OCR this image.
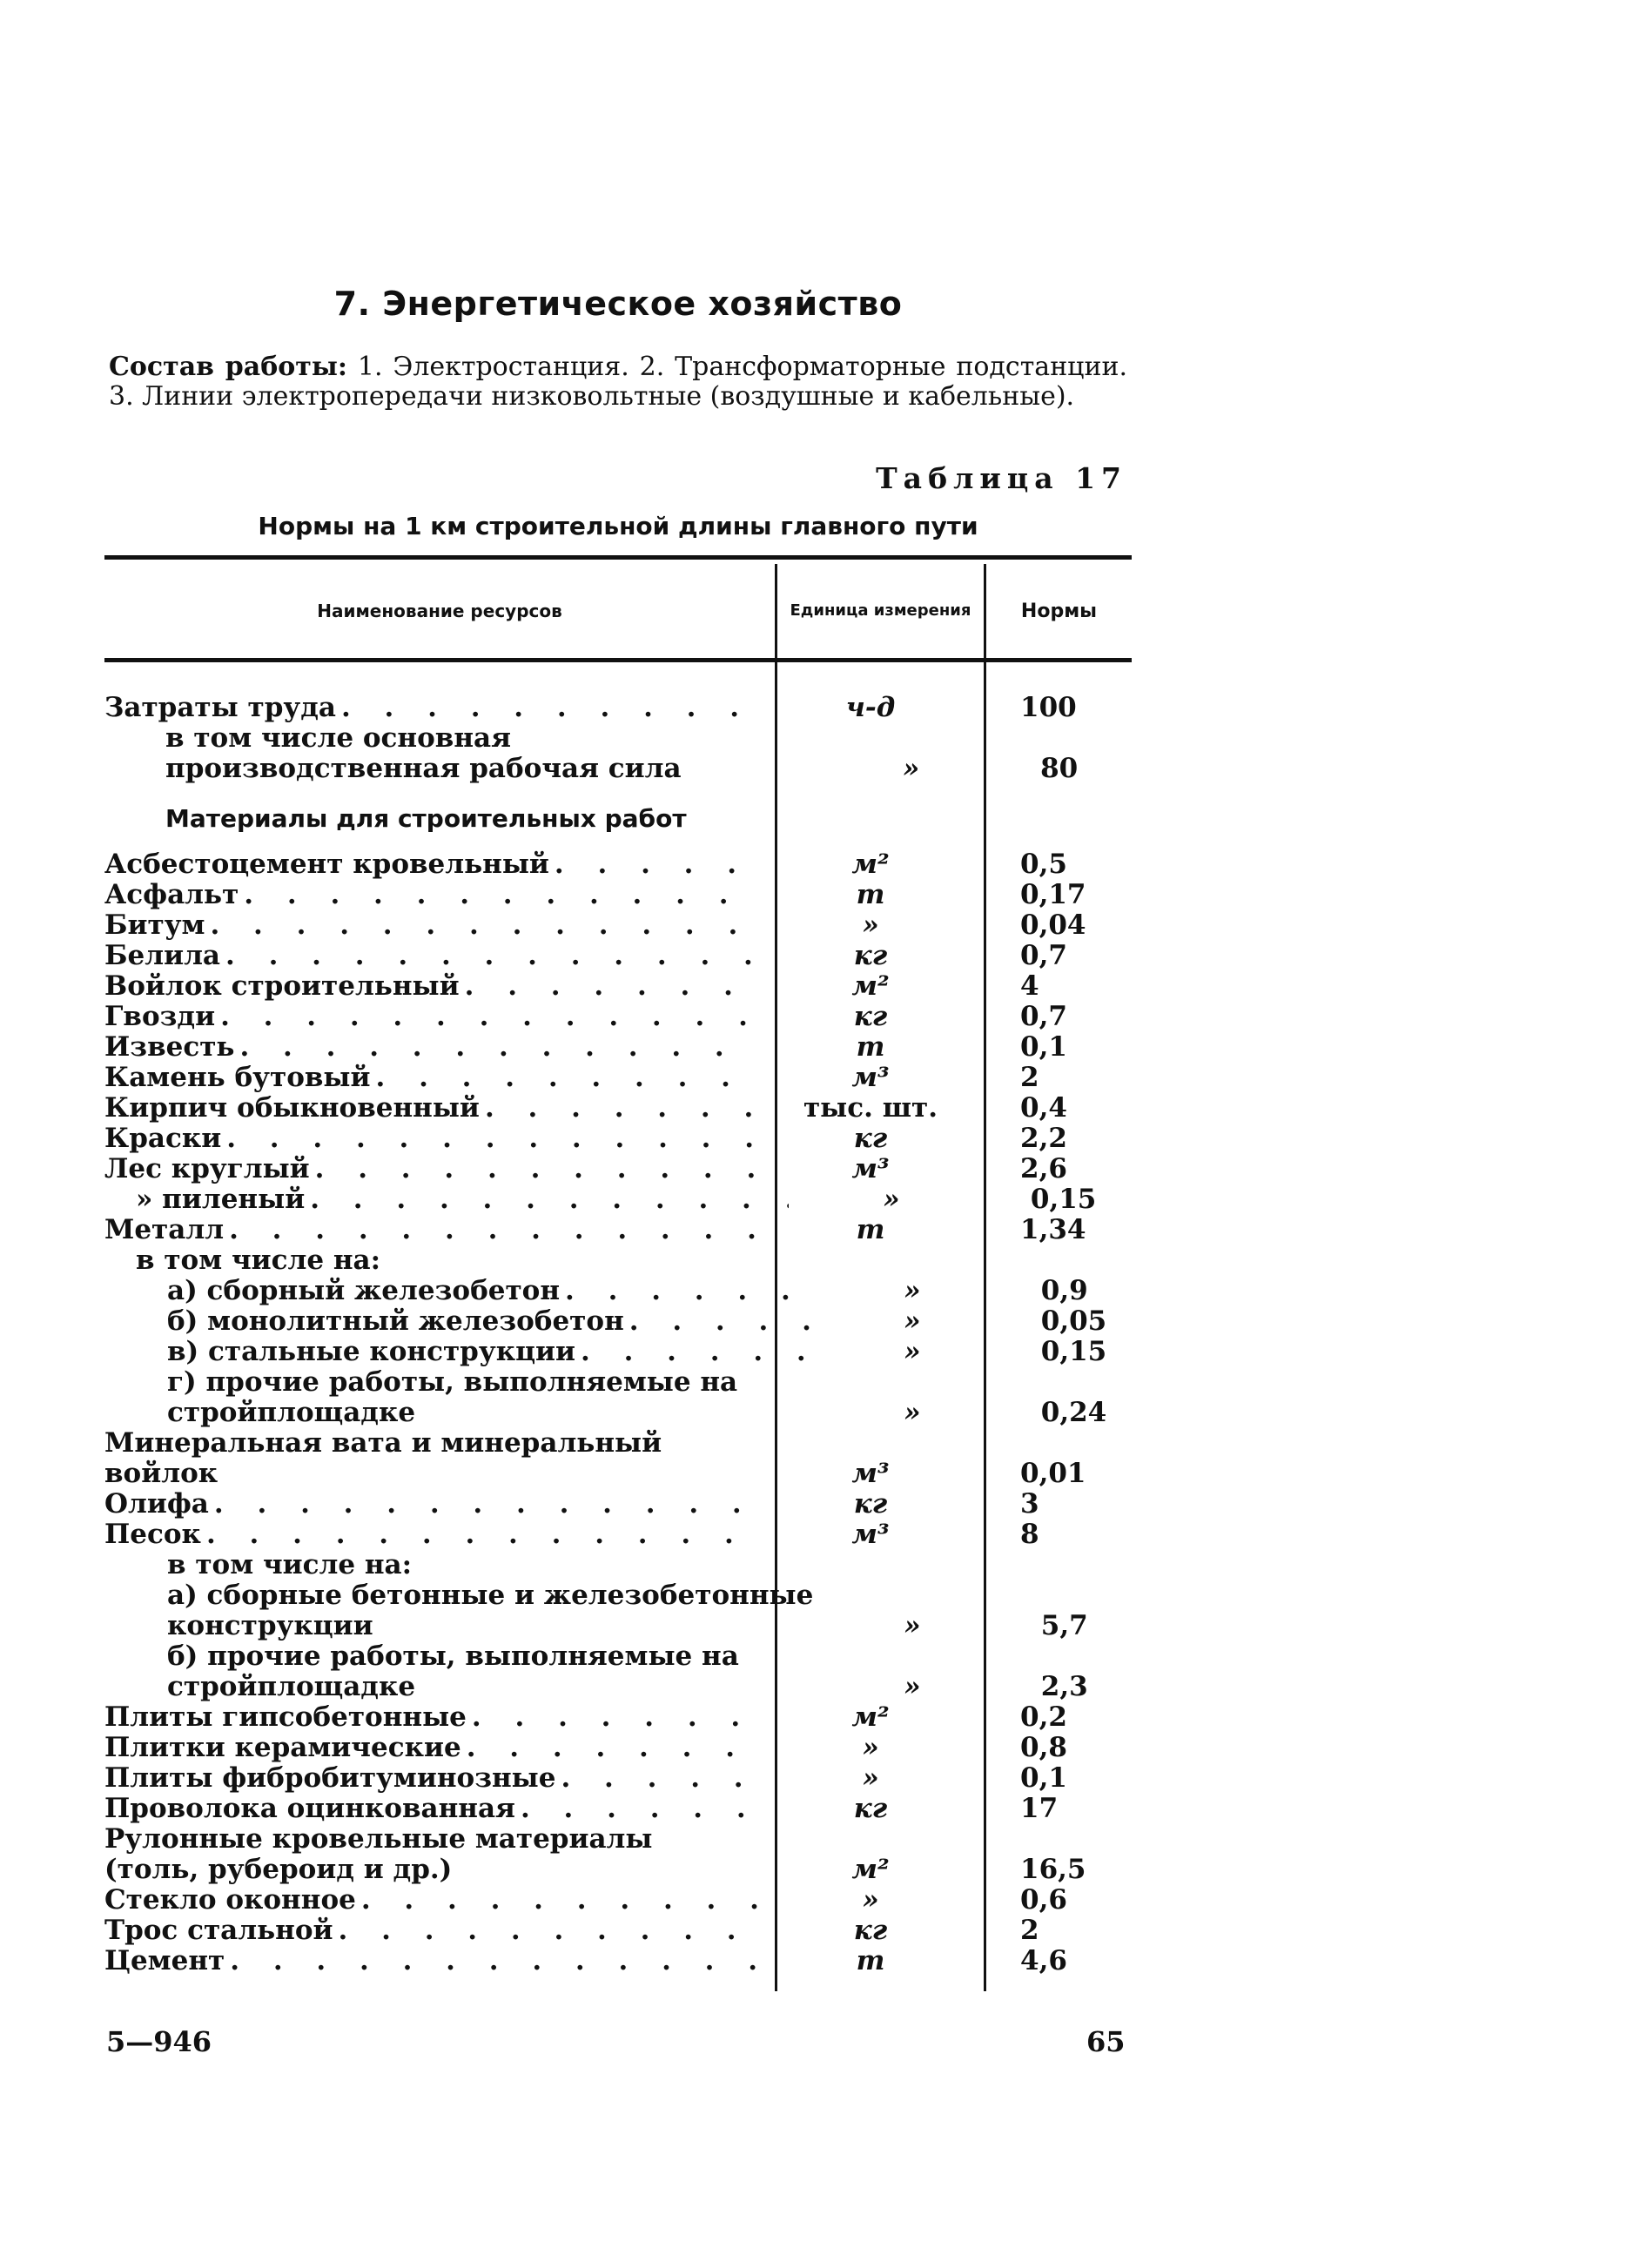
7. Энергетическое хозяйство
Состав работы: 1. Электростанция. 2. Трансформаторные подстанции. 3. Линии электропередачи низковольтные (воздушные и кабельные).
Таблица 17
Нормы на 1 км строительной длины главного пути
Наименование ресурсов	Единица измерения	Нормы
Затраты труда . . .	ч-д	100
в том числе основная производственная рабочая сила	»	80
Материалы для строительных работ
Асбестоцемент кровельный . . .	м²	0,5
Асфальт . . .	т	0,17
Битум . . .	»	0,04
Белила . . .	кг	0,7
Войлок строительный . . .	м²	4
Гвозди . . .	кг	0,7
Известь . . .	т	0,1
Камень бутовый . . .	м³	2
Кирпич обыкновенный . . .	тыс. шт.	0,4
Краски . . .	кг	2,2
Лес круглый . . .	м³	2,6
» пиленый . . .	»	0,15
Металл . . .	т	1,34
в том числе на:
а) сборный железобетон . . .	»	0,9
б) монолитный железобетон . . .	»	0,05
в) стальные конструкции . . .	»	0,15
г) прочие работы, выполняемые на стройплощадке	»	0,24
Минеральная вата и минеральный войлок	м³	0,01
Олифа . . .	кг	3
Песок . . .	м³	8
в том числе на:
а) сборные бетонные и железобетонные конструкции	»	5,7
б) прочие работы, выполняемые на стройплощадке	»	2,3
Плиты гипсобетонные . . .	м²	0,2
Плитки керамические . . .	»	0,8
Плиты фибробитуминозные . . .	»	0,1
Проволока оцинкованная . . .	кг	17
Рулонные кровельные материалы (толь, рубероид и др.)	м²	16,5
Стекло оконное . . .	»	0,6
Трос стальной . . .	кг	2
Цемент . . .	т	4,6
5—946	65
